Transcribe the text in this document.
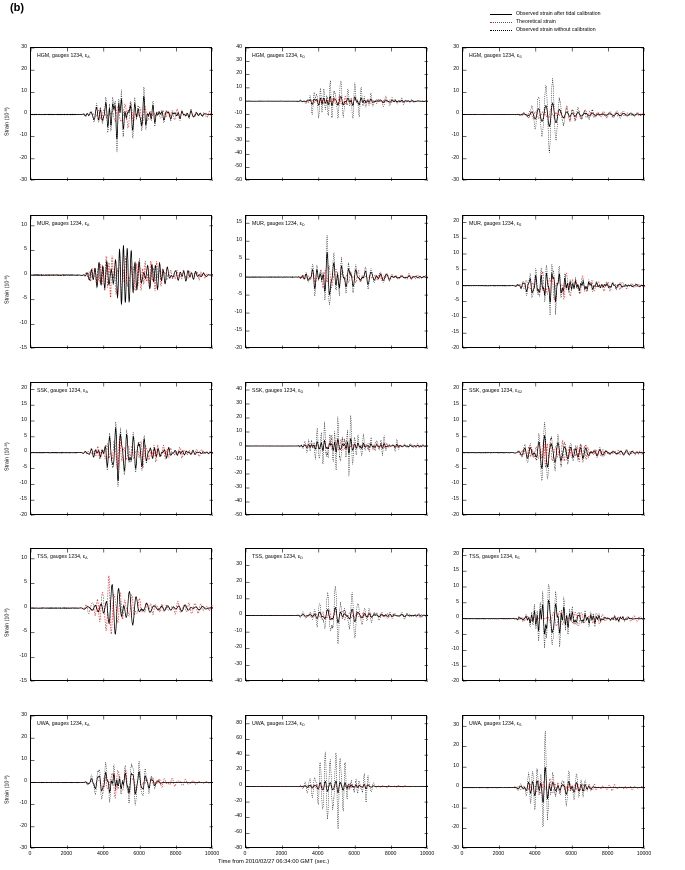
(b)	Observed strain after tidal calibration
Theoretical strain
Observed strain without calibration
-30
-20
-10
0
10
20
30
HGM, gauges 1234, $\varepsilon_A$
Strain $(10^{-9})$
-60
-50
-40
-30
-20
-10
0
10
20
30
40
HGM, gauges 1234, $\varepsilon_D$
-30
-20
-10
0
10
20
30
HGM, gauges 1234, $\varepsilon_S$
-15
-10
-5
0
5
10 MUR, gauges 1234, $\varepsilon_A$
Strain $(10^{-9})$
-20
-15
-10
-5
0
5
10
15 MUR, gauges 1234, $\varepsilon_D$
-20
-15
-10
-5
0
5
10
15
20 MUR, gauges 1234, $\varepsilon_S$
-20
-15
-10
-5
0
5
10
15
20 SSK, gauges 1234, $\varepsilon_A$
Strain $(10^{-9})$
-50
-40
-30
-20
-10
0
10
20
30
40 SSK, gauges 1234, $\varepsilon_D$
-20
-15
-10
-5
0
5
10
15
20 SSK, gauges 1234, $\varepsilon_{S2}$
-15
-10
-5
0
5
10 TSS, gauges 1234, $\varepsilon_A$
Strain $(10^{-9})$
-40
-30
-20
-10
0
10
20
30
TSS, gauges 1234, $\varepsilon_D$
-20
-15
-10
-5
0
5
10
15
20 TSS, gauges 1234, $\varepsilon_S$
-30
-20
-10
0
10
20
30
0	2000	4000	6000	8000	10000
UWA, gauges 1234, $\varepsilon_A$
Strain $(10^{-9})$
-80
-60
-40
-20
0
20
40
60
80
0	2000	4000	6000	8000	10000
UWA, gauges 1234, $\varepsilon_D$
-30
-20
-10
0
10
20
30
0	2000	4000	6000	8000	10000
UWA, gauges 1234, $\varepsilon_S$
Time from 2010/02/27 06:34:00 GMT (sec.)
